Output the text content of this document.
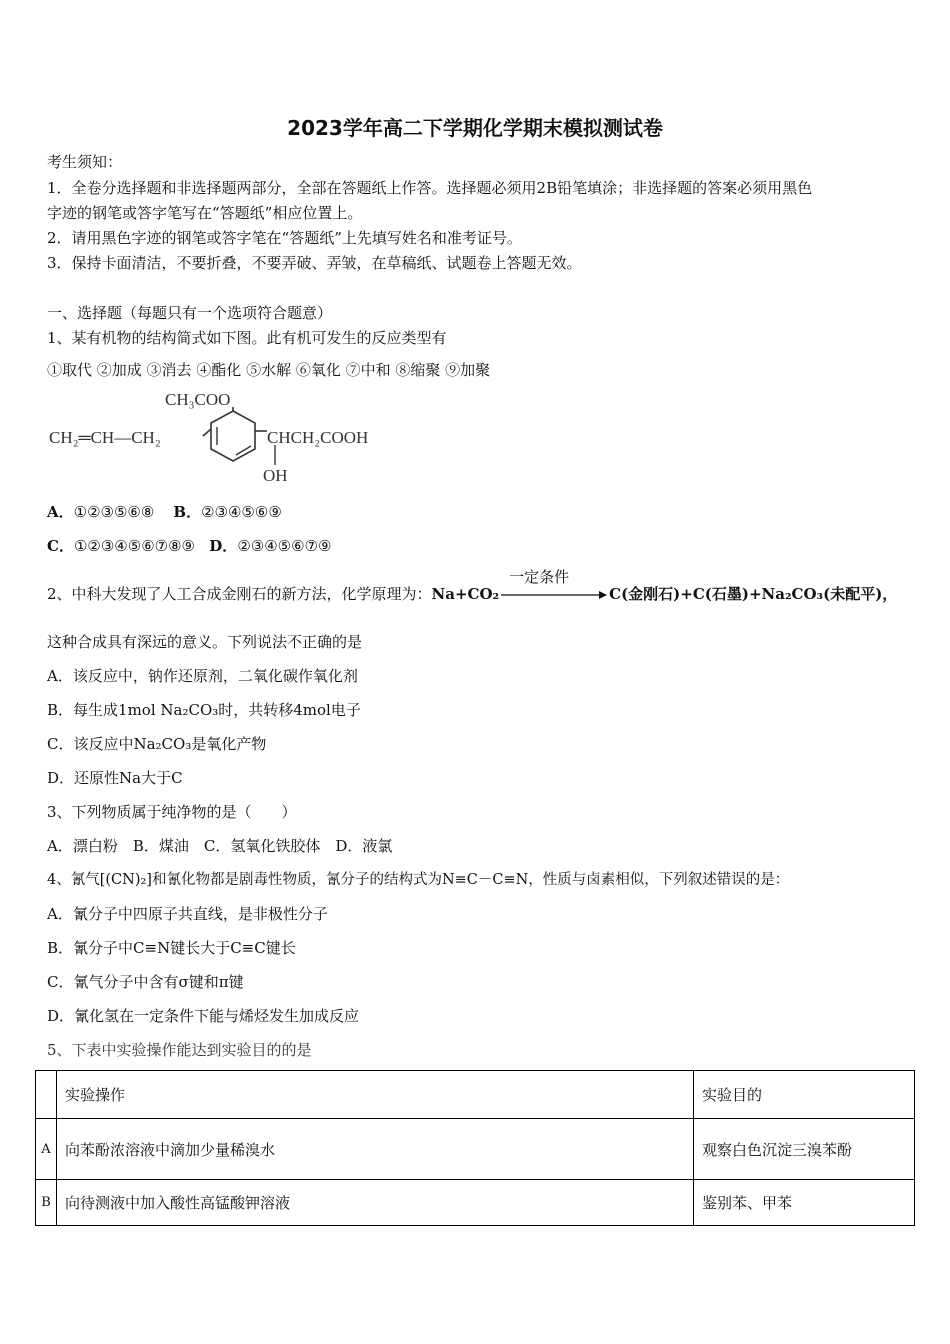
2023学年高二下学期化学期末模拟测试卷
考生须知：
1．全卷分选择题和非选择题两部分，全部在答题纸上作答。选择题必须用2B铅笔填涂；非选择题的答案必须用黑色
字迹的钢笔或答字笔写在“答题纸”相应位置上。
2．请用黑色字迹的钢笔或答字笔在“答题纸”上先填写姓名和准考证号。
3．保持卡面清洁，不要折叠，不要弄破、弄皱，在草稿纸、试题卷上答题无效。
一、选择题（每题只有一个选项符合题意）
1、某有机物的结构简式如下图。此有机可发生的反应类型有
①取代 ②加成 ③消去 ④酯化 ⑤水解 ⑥氧化 ⑦中和 ⑧缩聚 ⑨加聚
CH₃COO
CH₂═CH—CH₂	CHCH₂COOH
OH
A．①②③⑤⑥⑧ B．②③④⑤⑥⑨
C．①②③④⑤⑥⑦⑧⑨ D．②③④⑤⑥⑦⑨
2、中科大发现了人工合成金刚石的新方法，化学原理为：Na+CO₂
一定条件
C(金刚石)+C(石墨)+Na₂CO₃(未配平)，
这种合成具有深远的意义。下列说法不正确的是
A．该反应中，钠作还原剂，二氧化碳作氧化剂
B．每生成1mol Na₂CO₃时，共转移4mol电子
C．该反应中Na₂CO₃是氧化产物
D．还原性Na大于C
3、下列物质属于纯净物的是（　　）
A．漂白粉　B．煤油　C．氢氧化铁胶体　D．液氯
4、氰气[(CN)₂]和氰化物都是剧毒性物质，氰分子的结构式为N≡C－C≡N，性质与卤素相似，下列叙述错误的是：
A．氰分子中四原子共直线，是非极性分子
B．氰分子中C≡N键长大于C≡C键长
C．氰气分子中含有σ键和π键
D．氰化氢在一定条件下能与烯烃发生加成反应
5、下表中实验操作能达到实验目的的是
	实验操作	实验目的
A	向苯酚浓溶液中滴加少量稀溴水	观察白色沉淀三溴苯酚
B	向待测液中加入酸性高锰酸钾溶液	鉴别苯、甲苯
